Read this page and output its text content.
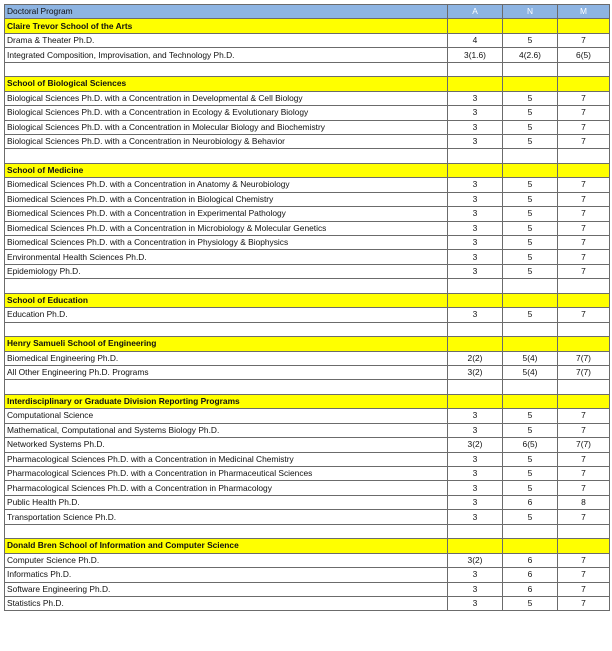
Doctoral Program	A	N	M
Claire Trevor School of the Arts			
Drama & Theater Ph.D.	4	5	7
Integrated Composition, Improvisation, and Technology Ph.D.	3(1.6)	4(2.6)	6(5)

School of Biological Sciences			
Biological Sciences Ph.D. with a Concentration in Developmental & Cell Biology	3	5	7
Biological Sciences Ph.D. with a Concentration in Ecology & Evolutionary Biology	3	5	7
Biological Sciences Ph.D. with a Concentration in Molecular Biology and Biochemistry	3	5	7
Biological Sciences Ph.D. with a Concentration in Neurobiology & Behavior	3	5	7

School of Medicine			
Biomedical Sciences Ph.D. with a Concentration in Anatomy & Neurobiology	3	5	7
Biomedical Sciences Ph.D. with a Concentration in Biological Chemistry	3	5	7
Biomedical Sciences Ph.D. with a Concentration in Experimental Pathology	3	5	7
Biomedical Sciences Ph.D. with a Concentration in Microbiology & Molecular Genetics	3	5	7
Biomedical Sciences Ph.D. with a Concentration in Physiology & Biophysics	3	5	7
Environmental Health Sciences Ph.D.	3	5	7
Epidemiology Ph.D.	3	5	7

School of Education			
Education Ph.D.	3	5	7

Henry Samueli School of Engineering			
Biomedical Engineering Ph.D.	2(2)	5(4)	7(7)
All Other Engineering Ph.D. Programs	3(2)	5(4)	7(7)

Interdisciplinary or Graduate Division Reporting Programs			
Computational Science	3	5	7
Mathematical, Computational and Systems Biology Ph.D.	3	5	7
Networked Systems Ph.D.	3(2)	6(5)	7(7)
Pharmacological Sciences Ph.D. with a Concentration in Medicinal Chemistry	3	5	7
Pharmacological Sciences Ph.D. with a Concentration in Pharmaceutical Sciences	3	5	7
Pharmacological Sciences Ph.D. with a Concentration in Pharmacology	3	5	7
Public Health Ph.D.	3	6	8
Transportation Science Ph.D.	3	5	7

Donald Bren School of Information and Computer Science			
Computer Science Ph.D.	3(2)	6	7
Informatics Ph.D.	3	6	7
Software Engineering Ph.D.	3	6	7
Statistics Ph.D.	3	5	7
